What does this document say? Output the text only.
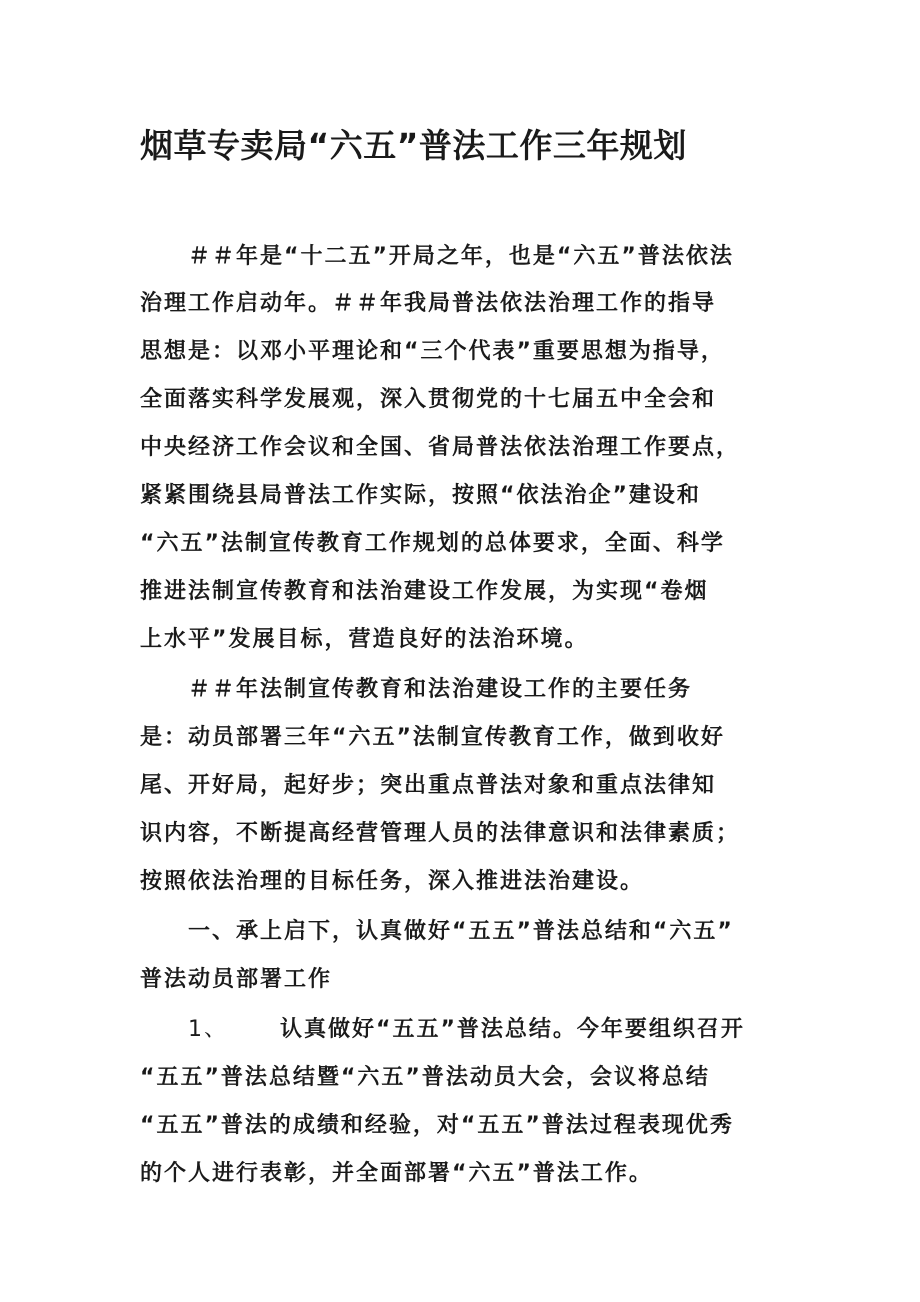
烟草专卖局“六五”普法工作三年规划

＃＃年是“十二五”开局之年，也是“六五”普法依法

治理工作启动年。＃＃年我局普法依法治理工作的指导

思想是：以邓小平理论和“三个代表”重要思想为指导，

全面落实科学发展观，深入贯彻党的十七届五中全会和

中央经济工作会议和全国、省局普法依法治理工作要点，

紧紧围绕县局普法工作实际，按照“依法治企”建设和

“六五”法制宣传教育工作规划的总体要求，全面、科学

推进法制宣传教育和法治建设工作发展，为实现“卷烟

上水平”发展目标，营造良好的法治环境。

＃＃年法制宣传教育和法治建设工作的主要任务

是：动员部署三年“六五”法制宣传教育工作，做到收好

尾、开好局，起好步；突出重点普法对象和重点法律知

识内容，不断提高经营管理人员的法律意识和法律素质；

按照依法治理的目标任务，深入推进法治建设。

一、承上启下，认真做好“五五”普法总结和“六五”

普法动员部署工作

1、 认真做好“五五”普法总结。今年要组织召开

“五五”普法总结暨“六五”普法动员大会，会议将总结

“五五”普法的成绩和经验，对“五五”普法过程表现优秀

的个人进行表彰，并全面部署“六五”普法工作。
